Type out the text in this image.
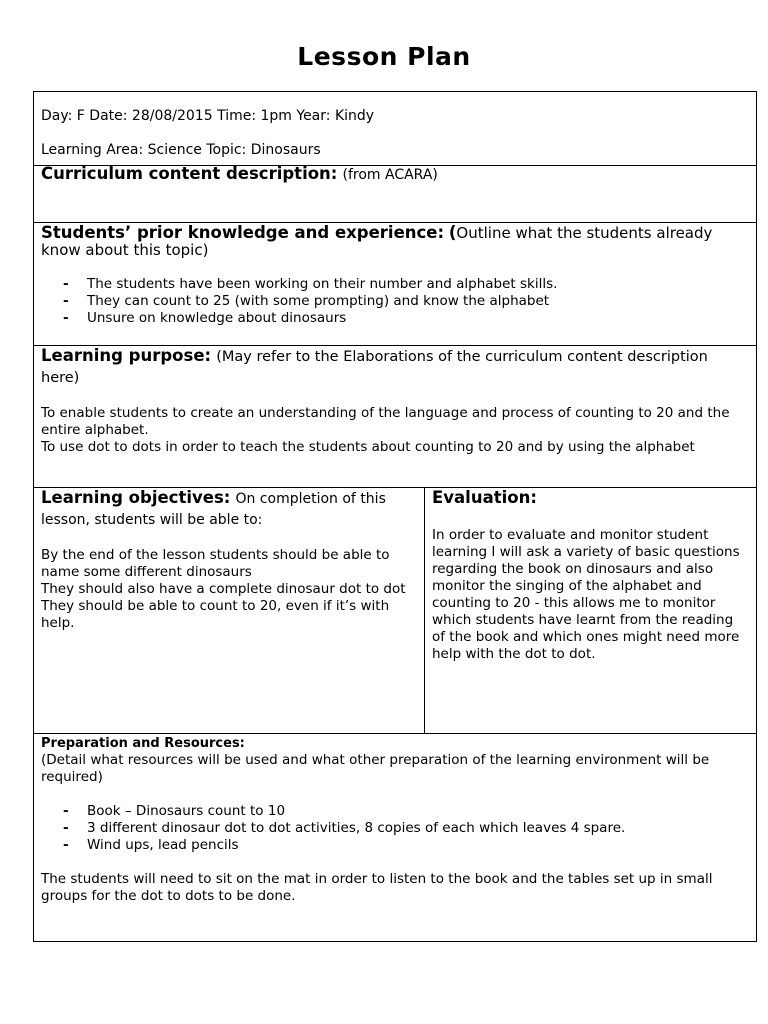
Lesson Plan

Day: F Date: 28/08/2015 Time: 1pm Year: Kindy

Learning Area: Science Topic: Dinosaurs

Curriculum content description: (from ACARA)

Students’ prior knowledge and experience: (Outline what the students already know about this topic)

- The students have been working on their number and alphabet skills.
- They can count to 25 (with some prompting) and know the alphabet
- Unsure on knowledge about dinosaurs

Learning purpose: (May refer to the Elaborations of the curriculum content description here)

To enable students to create an understanding of the language and process of counting to 20 and the entire alphabet.

To use dot to dots in order to teach the students about counting to 20 and by using the alphabet

Learning objectives: On completion of this lesson, students will be able to:

By the end of the lesson students should be able to name some different dinosaurs

They should also have a complete dinosaur dot to dot

They should be able to count to 20, even if it’s with help.

Evaluation:

In order to evaluate and monitor student learning I will ask a variety of basic questions regarding the book on dinosaurs and also monitor the singing of the alphabet and counting to 20 - this allows me to monitor which students have learnt from the reading of the book and which ones might need more help with the dot to dot.

Preparation and Resources:

(Detail what resources will be used and what other preparation of the learning environment will be required)

- Book – Dinosaurs count to 10
- 3 different dinosaur dot to dot activities, 8 copies of each which leaves 4 spare.
- Wind ups, lead pencils

The students will need to sit on the mat in order to listen to the book and the tables set up in small groups for the dot to dots to be done.
